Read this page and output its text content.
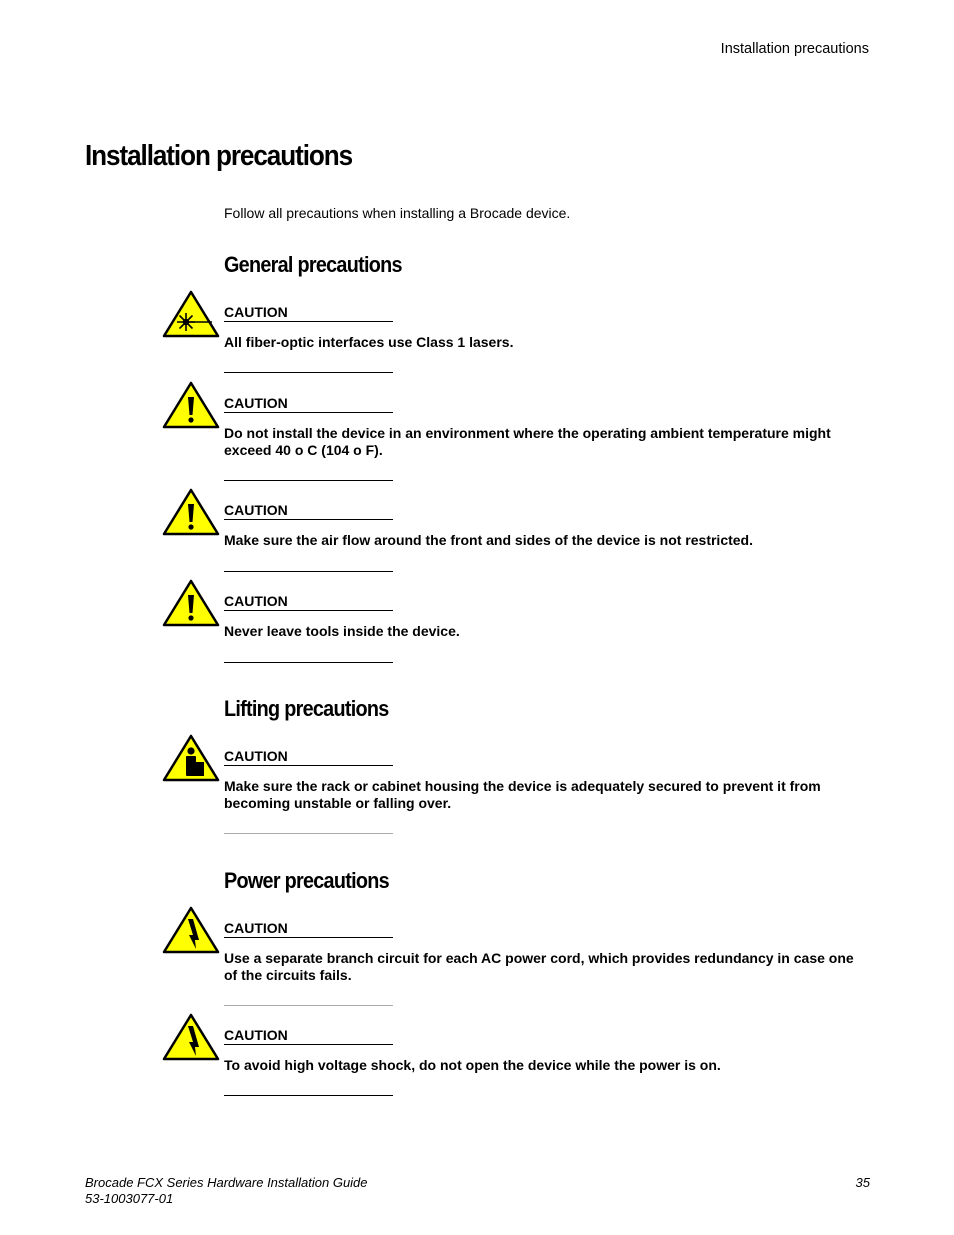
Installation precautions
Installation precautions

Follow all precautions when installing a Brocade device.

General precautions
CAUTION

All fiber-optic interfaces use Class 1 lasers.

CAUTION

Do not install the device in an environment where the operating ambient temperature might exceed 40 o C (104 o F).

CAUTION

Make sure the air flow around the front and sides of the device is not restricted.

CAUTION

Never leave tools inside the device.

Lifting precautions
CAUTION

Make sure the rack or cabinet housing the device is adequately secured to prevent it from becoming unstable or falling over.

Power precautions
CAUTION

Use a separate branch circuit for each AC power cord, which provides redundancy in case one of the circuits fails.

CAUTION

To avoid high voltage shock, do not open the device while the power is on.

Brocade FCX Series Hardware Installation Guide
53-1003077-01
35
